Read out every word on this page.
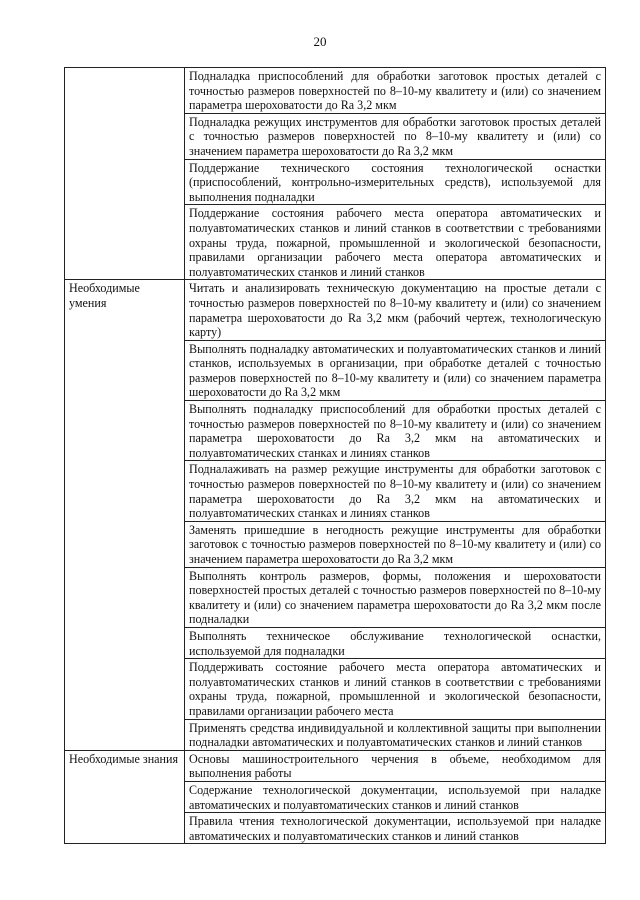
20
	Подналадка приспособлений для обработки заготовок простых деталей с точностью размеров поверхностей по 8–10-му квалитету и (или) со значением параметра шероховатости до Ra 3,2 мкм
	Подналадка режущих инструментов для обработки заготовок простых деталей с точностью размеров поверхностей по 8–10-му квалитету и (или) со значением параметра шероховатости до Ra 3,2 мкм
	Поддержание технического состояния технологической оснастки (приспособлений, контрольно-измерительных средств), используемой для выполнения подналадки
	Поддержание состояния рабочего места оператора автоматических и полуавтоматических станков и линий станков в соответствии с требованиями охраны труда, пожарной, промышленной и экологической безопасности, правилами организации рабочего места оператора автоматических и полуавтоматических станков и линий станков
Необходимые умения	Читать и анализировать техническую документацию на простые детали с точностью размеров поверхностей по 8–10-му квалитету и (или) со значением параметра шероховатости до Ra 3,2 мкм (рабочий чертеж, технологическую карту)
	Выполнять подналадку автоматических и полуавтоматических станков и линий станков, используемых в организации, при обработке деталей с точностью размеров поверхностей по 8–10-му квалитету и (или) со значением параметра шероховатости до Ra 3,2 мкм
	Выполнять подналадку приспособлений для обработки простых деталей с точностью размеров поверхностей по 8–10-му квалитету и (или) со значением параметра шероховатости до Ra 3,2 мкм на автоматических и полуавтоматических станках и линиях станков
	Подналаживать на размер режущие инструменты для обработки заготовок с точностью размеров поверхностей по 8–10-му квалитету и (или) со значением параметра шероховатости до Ra 3,2 мкм на автоматических и полуавтоматических станках и линиях станков
	Заменять пришедшие в негодность режущие инструменты для обработки заготовок с точностью размеров поверхностей по 8–10-му квалитету и (или) со значением параметра шероховатости до Ra 3,2 мкм
	Выполнять контроль размеров, формы, положения и шероховатости поверхностей простых деталей с точностью размеров поверхностей по 8–10-му квалитету и (или) со значением параметра шероховатости до Ra 3,2 мкм после подналадки
	Выполнять техническое обслуживание технологической оснастки, используемой для подналадки
	Поддерживать состояние рабочего места оператора автоматических и полуавтоматических станков и линий станков в соответствии с требованиями охраны труда, пожарной, промышленной и экологической безопасности, правилами организации рабочего места
	Применять средства индивидуальной и коллективной защиты при выполнении подналадки автоматических и полуавтоматических станков и линий станков
Необходимые знания	Основы машиностроительного черчения в объеме, необходимом для выполнения работы
	Содержание технологической документации, используемой при наладке автоматических и полуавтоматических станков и линий станков
	Правила чтения технологической документации, используемой при наладке автоматических и полуавтоматических станков и линий станков
